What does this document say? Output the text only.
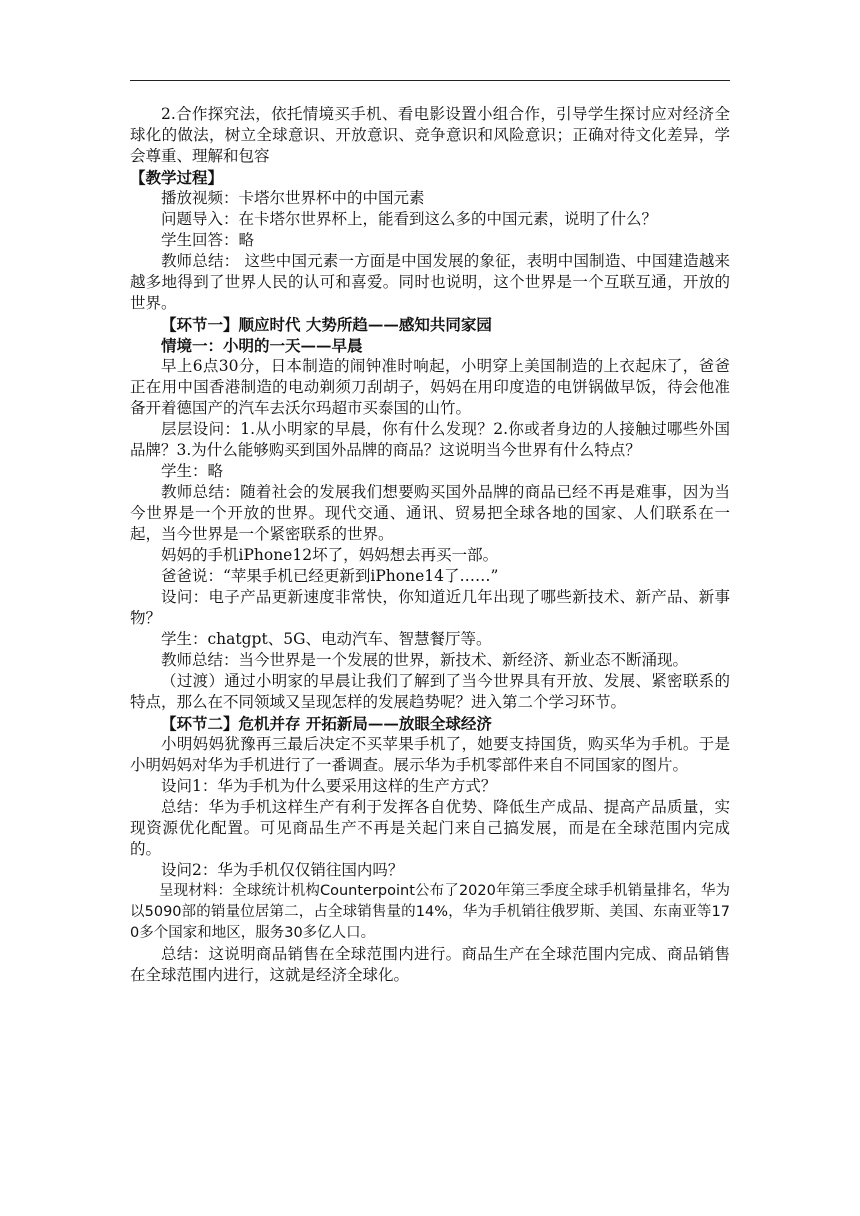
2.合作探究法，依托情境买手机、看电影设置小组合作，引导学生探讨应对经济全球化的做法，树立全球意识、开放意识、竞争意识和风险意识；正确对待文化差异，学会尊重、理解和包容

【教学过程】

播放视频：卡塔尔世界杯中的中国元素

问题导入：在卡塔尔世界杯上，能看到这么多的中国元素，说明了什么？

学生回答：略

教师总结： 这些中国元素一方面是中国发展的象征，表明中国制造、中国建造越来越多地得到了世界人民的认可和喜爱。同时也说明，这个世界是一个互联互通，开放的世界。

【环节一】顺应时代 大势所趋——感知共同家园

情境一：小明的一天——早晨

早上6点30分，日本制造的闹钟准时响起，小明穿上美国制造的上衣起床了，爸爸正在用中国香港制造的电动剃须刀刮胡子，妈妈在用印度造的电饼锅做早饭，待会他准备开着德国产的汽车去沃尔玛超市买泰国的山竹。

层层设问：1.从小明家的早晨，你有什么发现？2.你或者身边的人接触过哪些外国品牌？3.为什么能够购买到国外品牌的商品？这说明当今世界有什么特点？

学生：略

教师总结：随着社会的发展我们想要购买国外品牌的商品已经不再是难事，因为当今世界是一个开放的世界。现代交通、通讯、贸易把全球各地的国家、人们联系在一起，当今世界是一个紧密联系的世界。

妈妈的手机iPhone12坏了，妈妈想去再买一部。

爸爸说：“苹果手机已经更新到iPhone14了……”

设问：电子产品更新速度非常快，你知道近几年出现了哪些新技术、新产品、新事物？

学生：chatgpt、5G、电动汽车、智慧餐厅等。

教师总结：当今世界是一个发展的世界，新技术、新经济、新业态不断涌现。

（过渡）通过小明家的早晨让我们了解到了当今世界具有开放、发展、紧密联系的特点，那么在不同领域又呈现怎样的发展趋势呢？进入第二个学习环节。

【环节二】危机并存 开拓新局——放眼全球经济

小明妈妈犹豫再三最后决定不买苹果手机了，她要支持国货，购买华为手机。于是小明妈妈对华为手机进行了一番调查。展示华为手机零部件来自不同国家的图片。

设问1：华为手机为什么要采用这样的生产方式？

总结：华为手机这样生产有利于发挥各自优势、降低生产成品、提高产品质量，实现资源优化配置。可见商品生产不再是关起门来自己搞发展，而是在全球范围内完成的。

设问2：华为手机仅仅销往国内吗？

呈现材料：全球统计机构Counterpoint公布了2020年第三季度全球手机销量排名，华为以5090部的销量位居第二，占全球销售量的14%，华为手机销往俄罗斯、美国、东南亚等170多个国家和地区，服务30多亿人口。

总结：这说明商品销售在全球范围内进行。商品生产在全球范围内完成、商品销售在全球范围内进行，这就是经济全球化。
